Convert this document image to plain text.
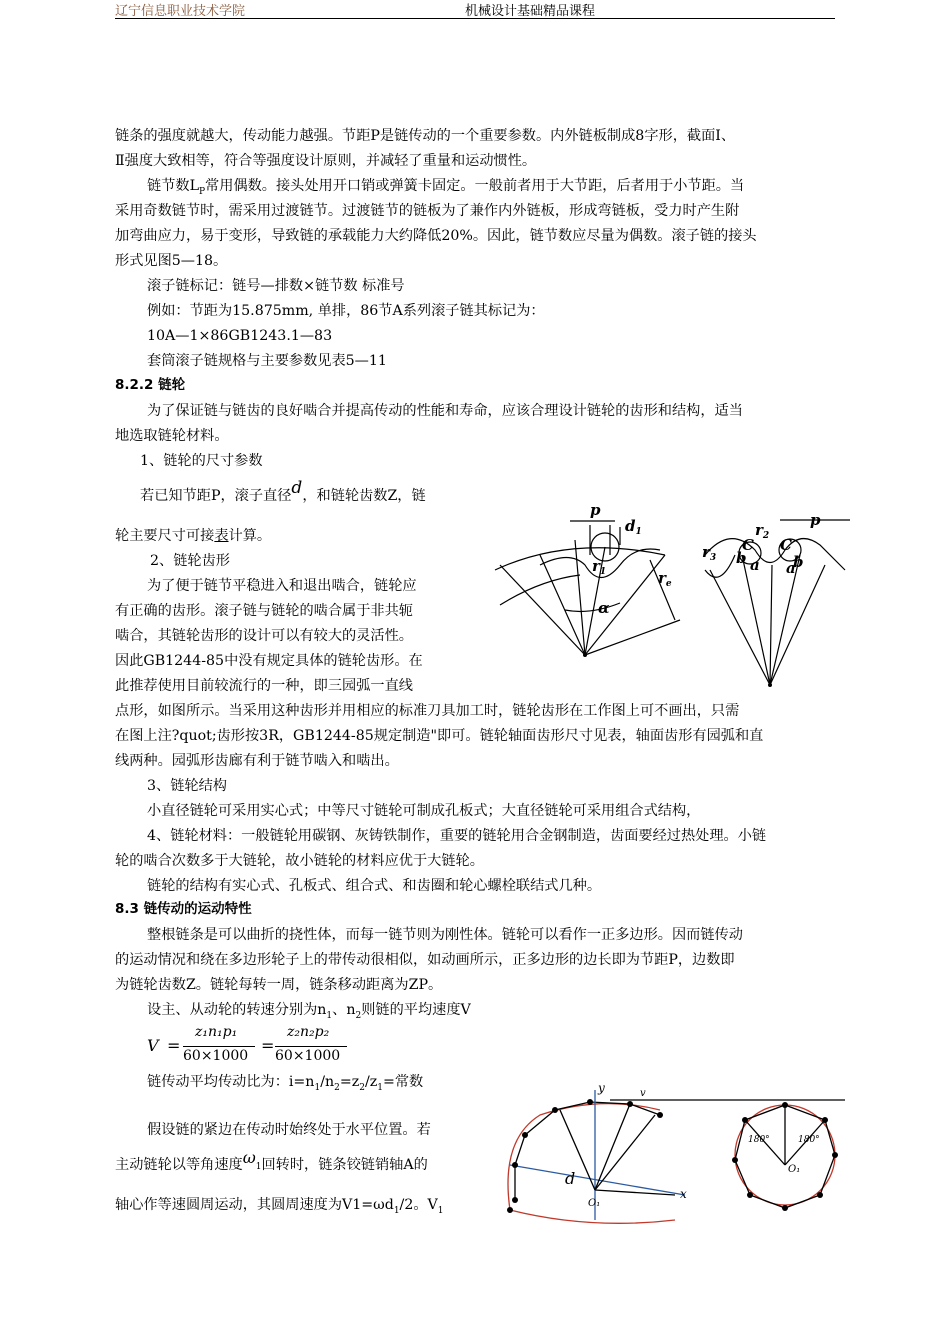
辽宁信息职业技术学院	机械设计基础精品课程
链条的强度就越大，传动能力越强。节距P是链传动的一个重要参数。内外链板制成8字形，截面Ⅰ、
Ⅱ强度大致相等，符合等强度设计原则，并减轻了重量和运动惯性。
链节数$L_P$常用偶数。接头处用开口销或弹簧卡固定。一般前者用于大节距，后者用于小节距。当
采用奇数链节时，需采用过渡链节。过渡链节的链板为了兼作内外链板，形成弯链板，受力时产生附
加弯曲应力，易于变形，导致链的承载能力大约降低20%。因此，链节数应尽量为偶数。滚子链的接头
形式见图5—18。
滚子链标记：链号—排数×链节数 标准号
例如：节距为15.875mm, 单排，86节A系列滚子链其标记为：
10A—1×86GB1243.1—83
套筒滚子链规格与主要参数见表5—11
8.2.2 链轮
为了保证链与链齿的良好啮合并提高传动的性能和寿命，应该合理设计链轮的齿形和结构，适当
地选取链轮材料。
1、链轮的尺寸参数
若已知节距P，滚子直径d，和链轮齿数Z，链
轮主要尺寸可接表计算。
2、链轮齿形
为了便于链节平稳进入和退出啮合，链轮应
有正确的齿形。滚子链与链轮的啮合属于非共轭
啮合，其链轮齿形的设计可以有较大的灵活性。
因此GB1244-85中没有规定具体的链轮齿形。在
此推荐使用目前较流行的一种，即三园弧一直线
点形，如图所示。当采用这种齿形并用相应的标准刀具加工时，链轮齿形在工作图上可不画出，只需
在图上注?quot;齿形按3R，GB1244-85规定制造"即可。链轮轴面齿形尺寸见表，轴面齿形有园弧和直
线两种。园弧形齿廊有利于链节啮入和啮出。
3、链轮结构
小直径链轮可采用实心式；中等尺寸链轮可制成孔板式；大直径链轮可采用组合式结构，
4、链轮材料：一般链轮用碳钢、灰铸铁制作，重要的链轮用合金钢制造，齿面要经过热处理。小链
轮的啮合次数多于大链轮，故小链轮的材料应优于大链轮。
链轮的结构有实心式、孔板式、组合式、和齿圈和轮心螺栓联结式几种。
8.3 链传动的运动特性
整根链条是可以曲折的挠性体，而每一链节则为刚性体。链轮可以看作一正多边形。因而链传动
的运动情况和绕在多边形轮子上的带传动很相似，如动画所示，正多边形的边长即为节距P，边数即
为链轮齿数Z。链轮每转一周，链条移动距离为ZP。
设主、从动轮的转速分别为$n_1$、$n_2$则链的平均速度V
V =
z₁n₁p₁
60×1000
=
z₂n₂p₂
60×1000
链传动平均传动比为：$i=n_1/n_2=z_2/z_1=$常数
假设链的紧边在传动时始终处于水平位置。若
主动链轮以等角速度$\omega_1$回转时，链条铰链销轴A的
轴心作等速圆周运动，其圆周速度为$V1=\omega d_1/2$。$V_1$
p
$d_1$
$r_1$	$r_e$
α
p
$r_2$
$r_3$
C C
b	b
a a
y
x
d
O₁
v
O₁
180°	180°
